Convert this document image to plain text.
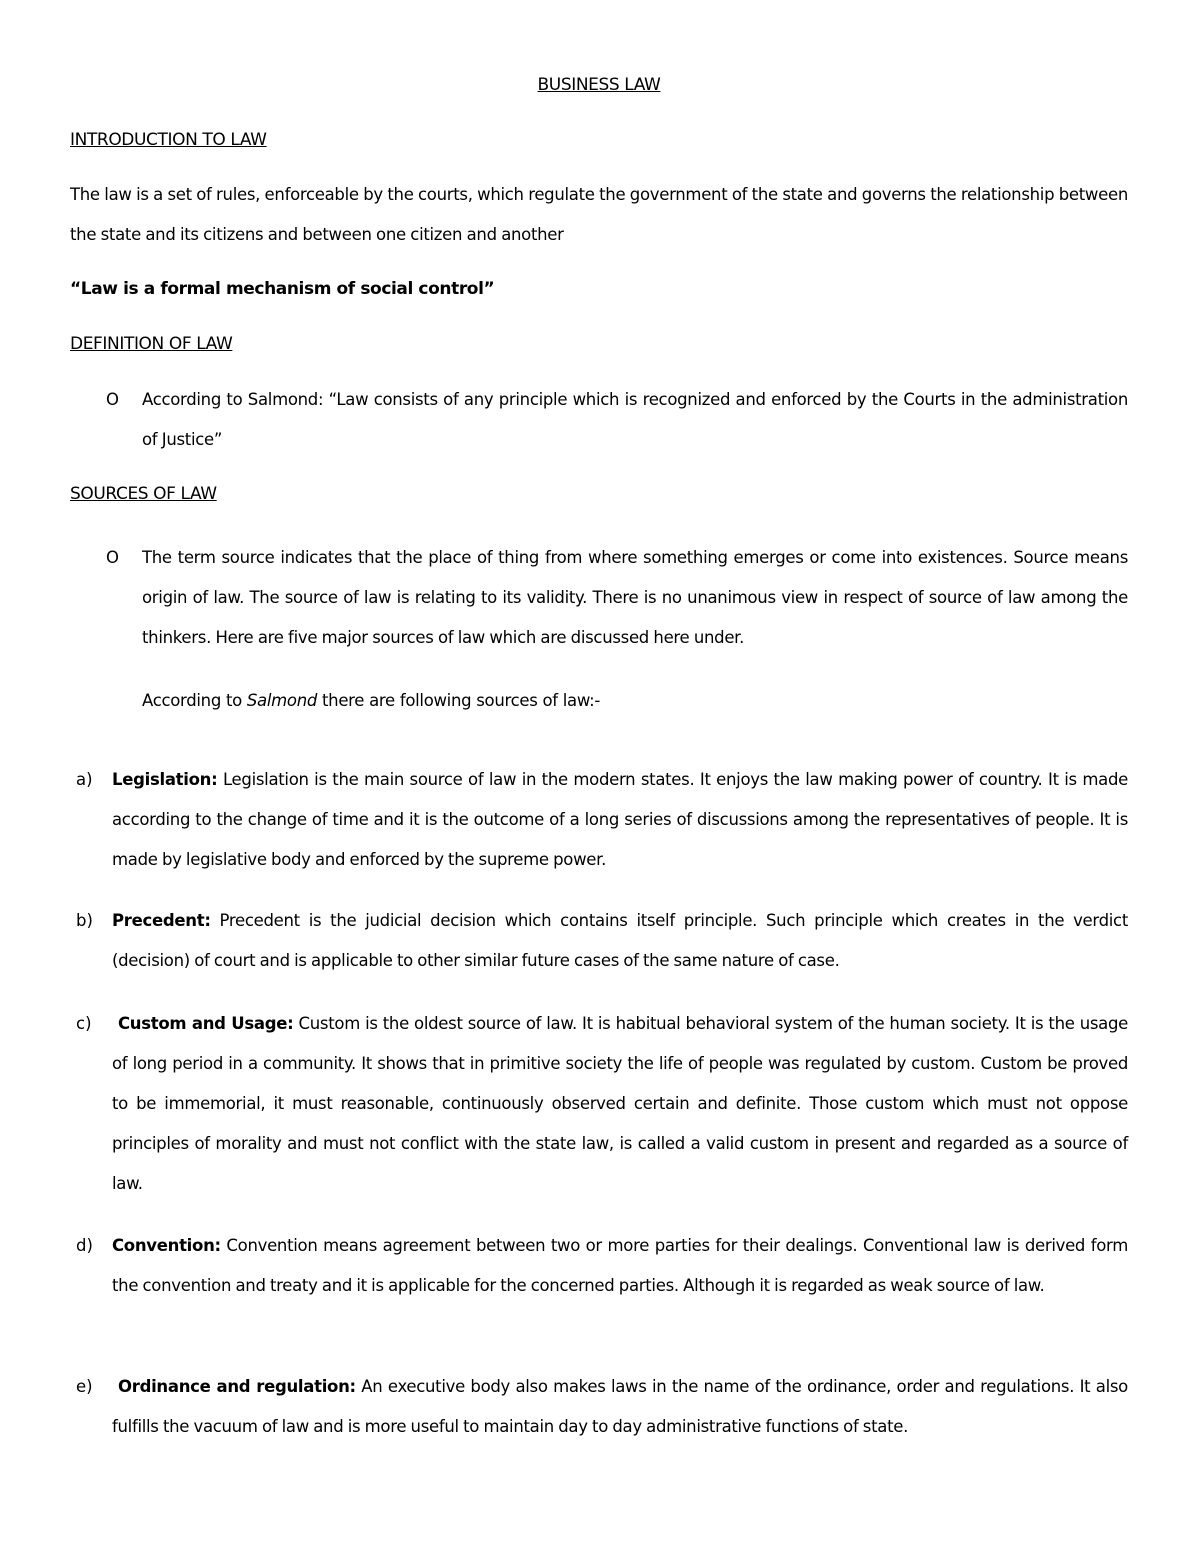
BUSINESS LAW
INTRODUCTION TO LAW
The law is a set of rules, enforceable by the courts, which regulate the government of the state and governs the relationship between the state and its citizens and between one citizen and another
“Law is a formal mechanism of social control”
DEFINITION OF LAW
O According to Salmond: “Law consists of any principle which is recognized and enforced by the Courts in the administration of Justice”
SOURCES OF LAW
O The term source indicates that the place of thing from where something emerges or come into existences. Source means origin of law. The source of law is relating to its validity. There is no unanimous view in respect of source of law among the thinkers. Here are five major sources of law which are discussed here under.
According to Salmond there are following sources of law:-
a) Legislation: Legislation is the main source of law in the modern states. It enjoys the law making power of country. It is made according to the change of time and it is the outcome of a long series of discussions among the representatives of people. It is made by legislative body and enforced by the supreme power.
b) Precedent: Precedent is the judicial decision which contains itself principle. Such principle which creates in the verdict (decision) of court and is applicable to other similar future cases of the same nature of case.
c)	Custom and Usage: Custom is the oldest source of law. It is habitual behavioral system of the human society. It is the usage of long period in a community. It shows that in primitive society the life of people was regulated by custom. Custom be proved to be immemorial, it must reasonable, continuously observed certain and definite. Those custom which must not oppose principles of morality and must not conflict with the state law, is called a valid custom in present and regarded as a source of law.
d) Convention: Convention means agreement between two or more parties for their dealings. Conventional law is derived form the convention and treaty and it is applicable for the concerned parties. Although it is regarded as weak source of law.
e)	Ordinance and regulation: An executive body also makes laws in the name of the ordinance, order and regulations. It also fulfills the vacuum of law and is more useful to maintain day to day administrative functions of state.
